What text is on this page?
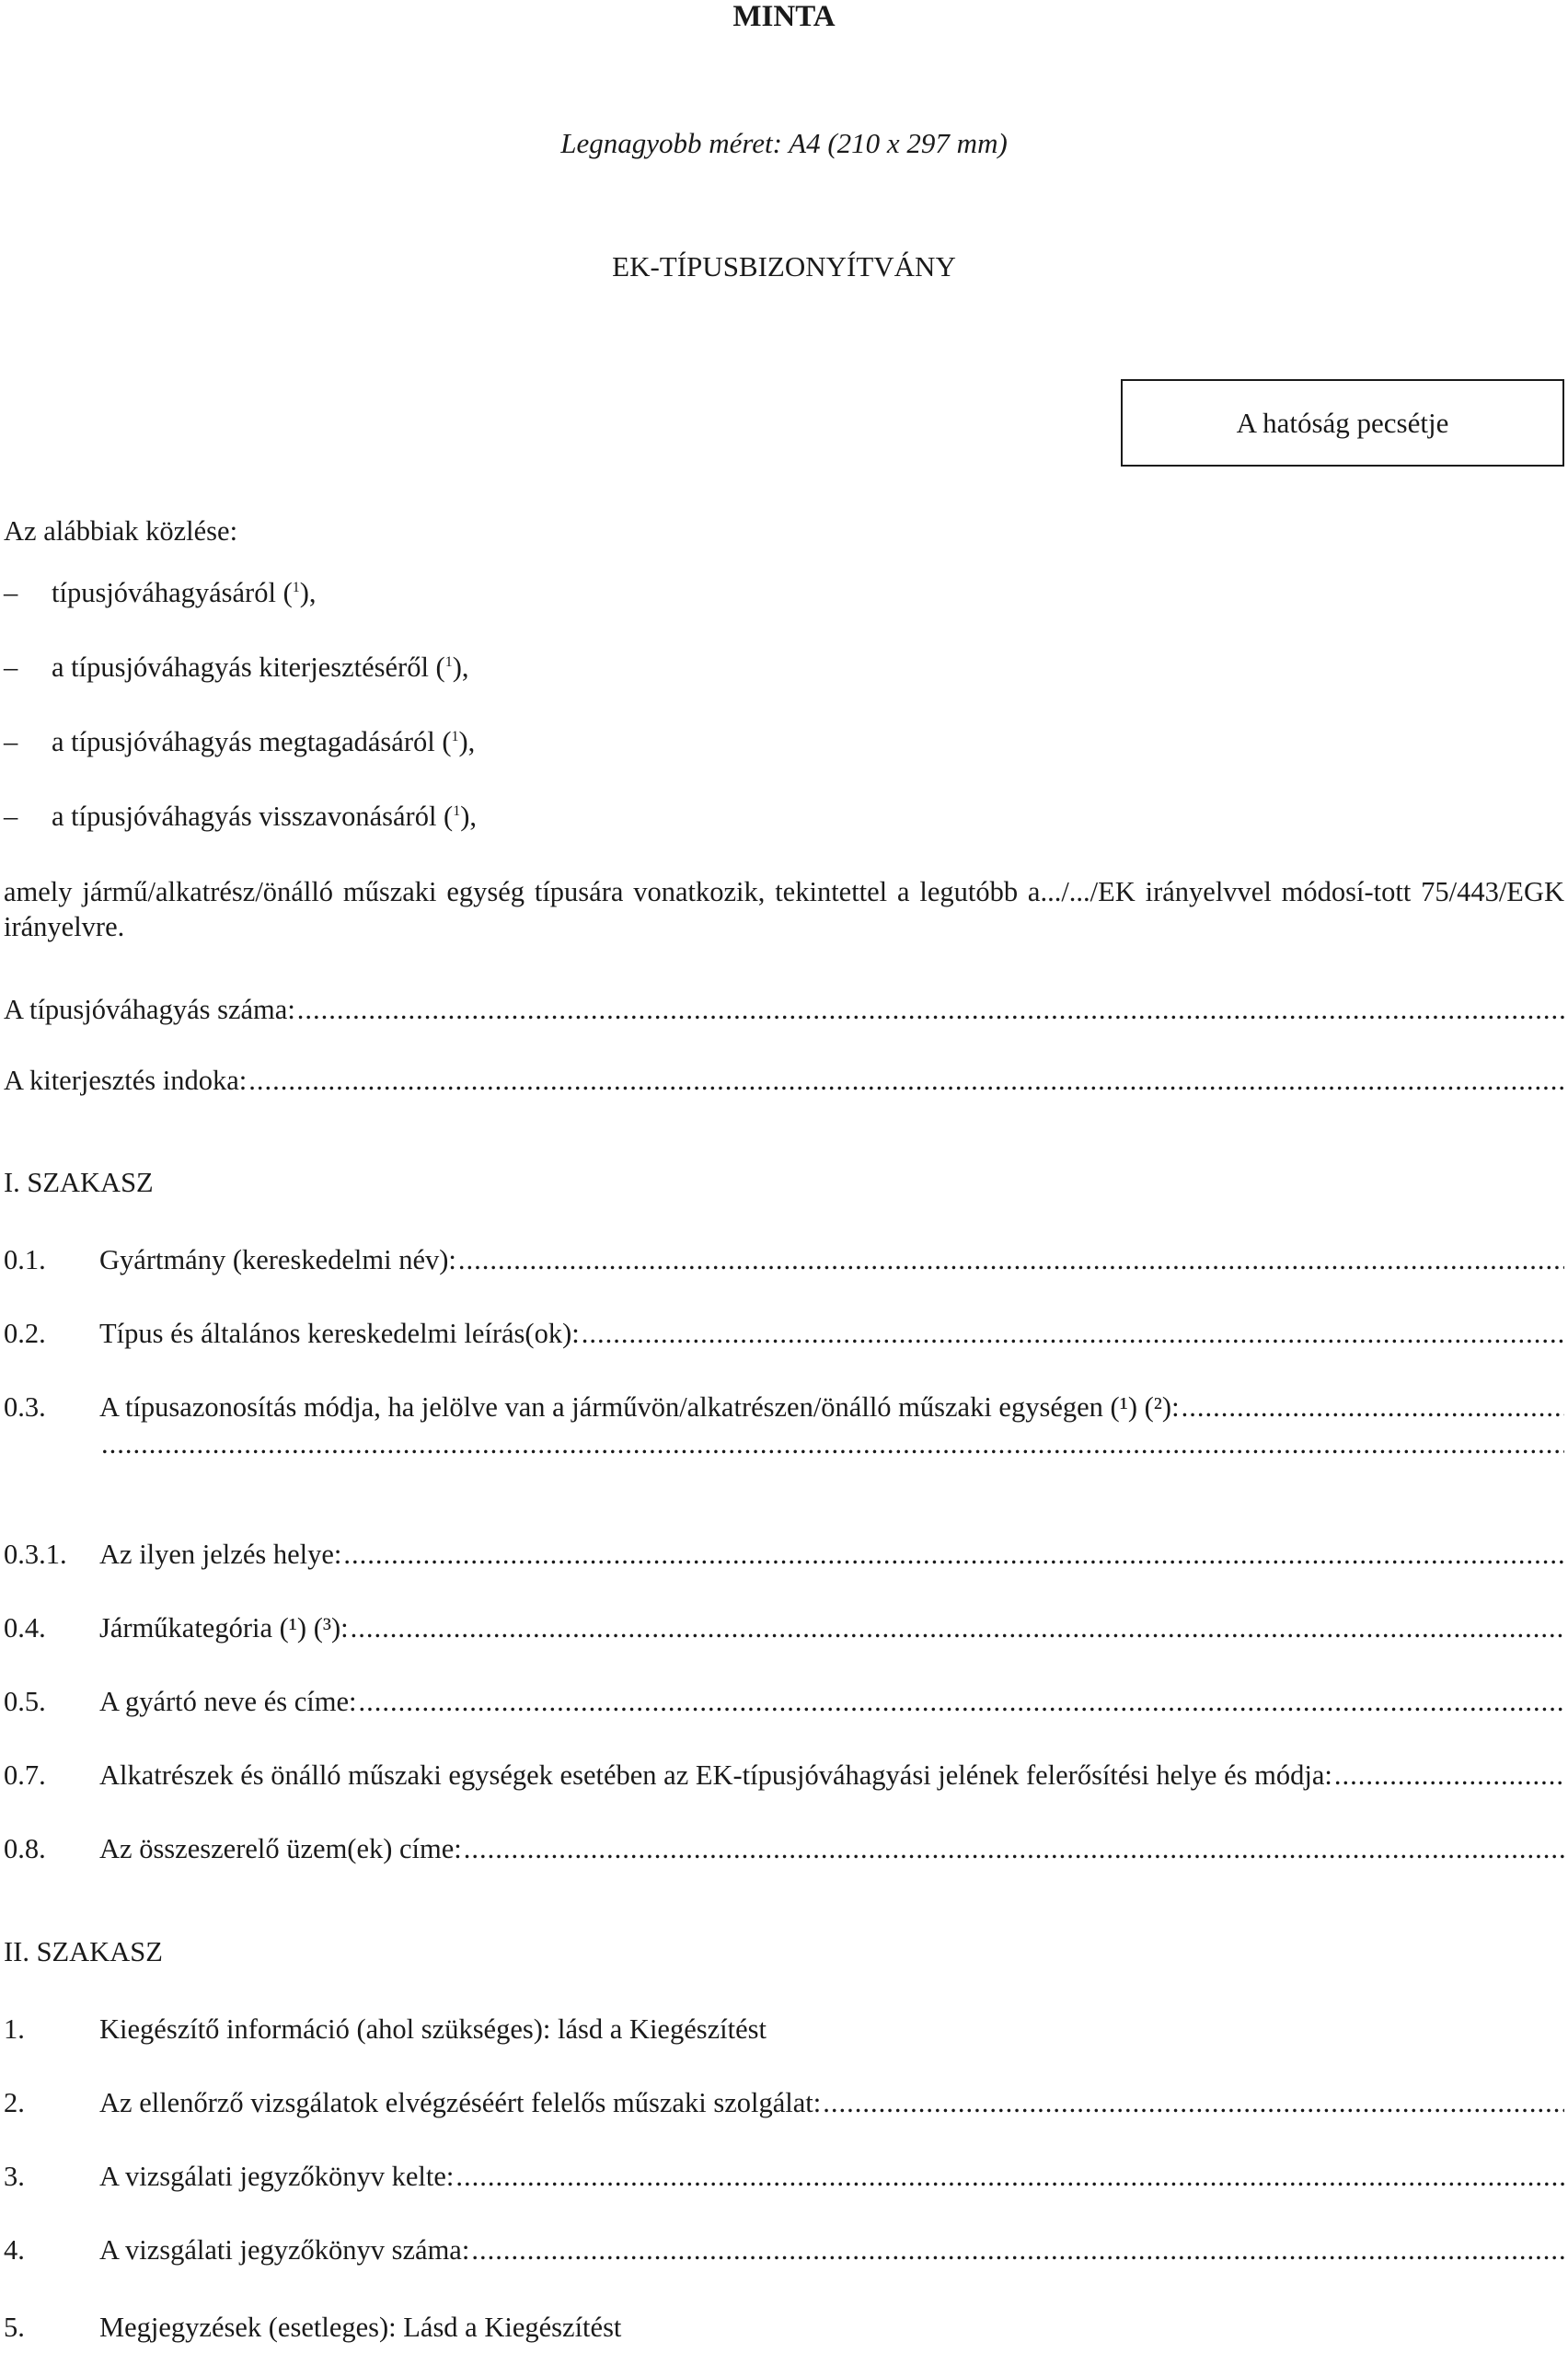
MINTA
Legnagyobb méret: A4 (210 x 297 mm)
EK-TÍPUSBIZONYÍTVÁNY
A hatóság pecsétje
Az alábbiak közlése:
– típusjóváhagyásáról ($^1$),
– a típusjóváhagyás kiterjesztéséről ($^1$),
– a típusjóváhagyás megtagadásáról ($^1$),
– a típusjóváhagyás visszavonásáról ($^1$),
amely jármű/alkatrész/önálló műszaki egység típusára vonatkozik, tekintettel a legutóbb a.../.../EK irányelvvel módosí-tott 75/443/EGK irányelvre.
A típusjóváhagyás száma:
.....
A kiterjesztés indoka:
.....
I. SZAKASZ
0.1. Gyártmány (kereskedelmi név):
.....
0.2. Típus és általános kereskedelmi leírás(ok):
.....
0.3. A típusazonosítás módja, ha jelölve van a járművön/alkatrészen/önálló műszaki egységen (¹) (²):
.....
.....
0.3.1. Az ilyen jelzés helye:
.....
0.4. Járműkategória (¹) (³):
.....
0.5. A gyártó neve és címe:
.....
0.7. Alkatrészek és önálló műszaki egységek esetében az EK-típusjóváhagyási jelének felerősítési helye és módja:
.....
0.8. Az összeszerelő üzem(ek) címe:
.....
II. SZAKASZ
1.	Kiegészítő információ (ahol szükséges): lásd a Kiegészítést
2.	Az ellenőrző vizsgálatok elvégzéséért felelős műszaki szolgálat:
.....
3.	A vizsgálati jegyzőkönyv kelte:
.....
4.	A vizsgálati jegyzőkönyv száma:
.....
5.	Megjegyzések (esetleges): Lásd a Kiegészítést
